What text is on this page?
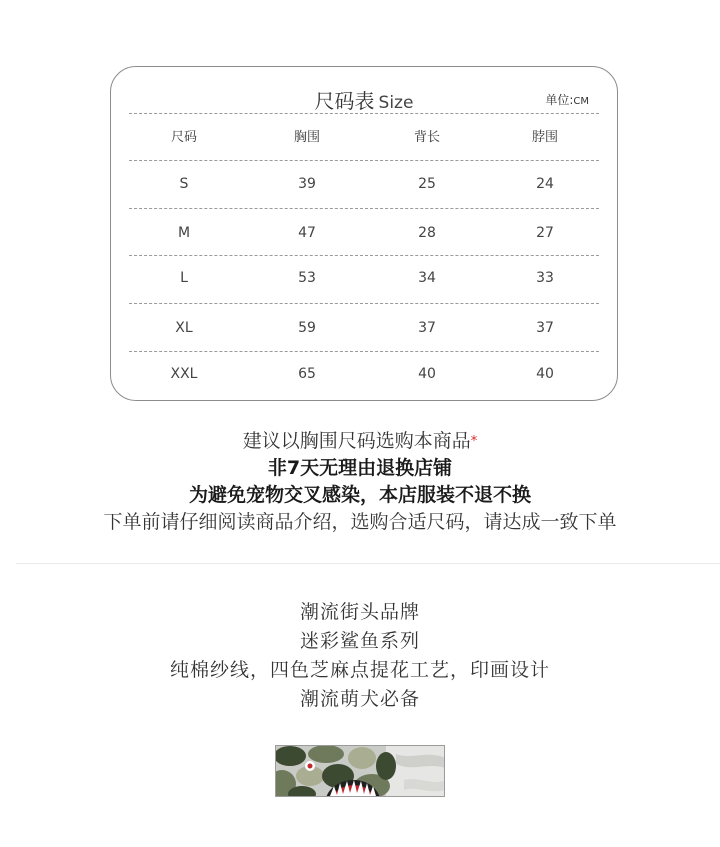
尺码表 Size	单位:CM
尺码	胸围	背长	脖围
S	39	25	24
M	47	28	27
L	53	34	33
XL	59	37	37
XXL	65	40	40
建议以胸围尺码选购本商品*
非7天无理由退换店铺
为避免宠物交叉感染，本店服装不退不换
下单前请仔细阅读商品介绍，选购合适尺码，请达成一致下单
潮流街头品牌
迷彩鲨鱼系列
纯棉纱线，四色芝麻点提花工艺，印画设计
潮流萌犬必备
